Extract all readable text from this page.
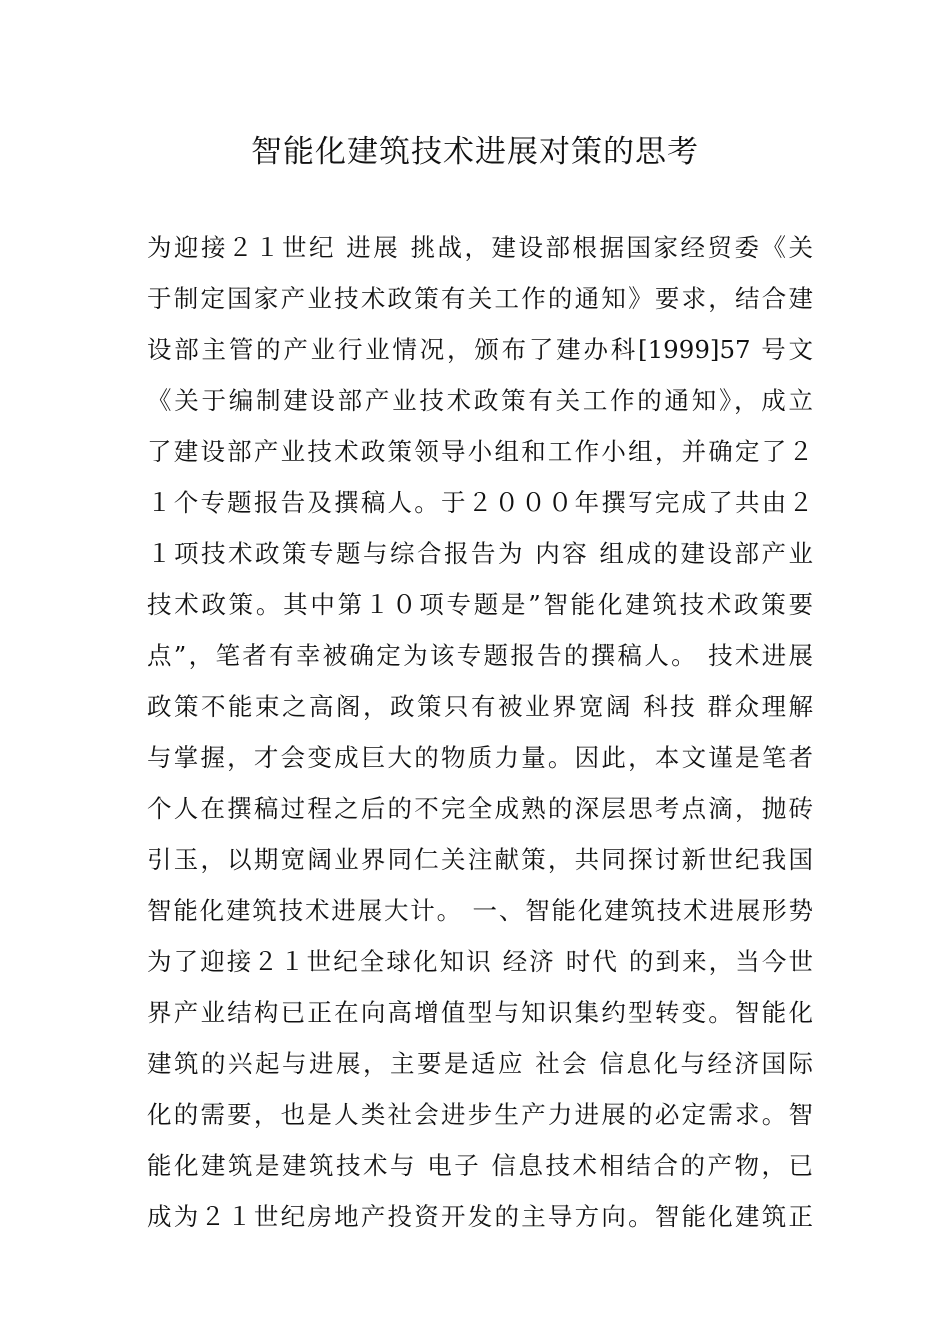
智能化建筑技术进展对策的思考
为迎接２１世纪 进展 挑战，建设部根据国家经贸委《关
于制定国家产业技术政策有关工作的通知》要求，结合建
设部主管的产业行业情况，颁布了建办科[1999]57 号文
《关于编制建设部产业技术政策有关工作的通知》，成立
了建设部产业技术政策领导小组和工作小组，并确定了２
１个专题报告及撰稿人。于２０００年撰写完成了共由２
１项技术政策专题与综合报告为 内容 组成的建设部产业
技术政策。其中第１０项专题是”智能化建筑技术政策要
点”，笔者有幸被确定为该专题报告的撰稿人。 技术进展
政策不能束之高阁，政策只有被业界宽阔 科技 群众理解
与掌握，才会变成巨大的物质力量。因此，本文谨是笔者
个人在撰稿过程之后的不完全成熟的深层思考点滴，抛砖
引玉，以期宽阔业界同仁关注献策，共同探讨新世纪我国
智能化建筑技术进展大计。 一、智能化建筑技术进展形势
为了迎接２１世纪全球化知识 经济 时代 的到来，当今世
界产业结构已正在向高增值型与知识集约型转变。智能化
建筑的兴起与进展，主要是适应 社会 信息化与经济国际
化的需要，也是人类社会进步生产力进展的必定需求。智
能化建筑是建筑技术与 电子 信息技术相结合的产物，已
成为２１世纪房地产投资开发的主导方向。智能化建筑正
